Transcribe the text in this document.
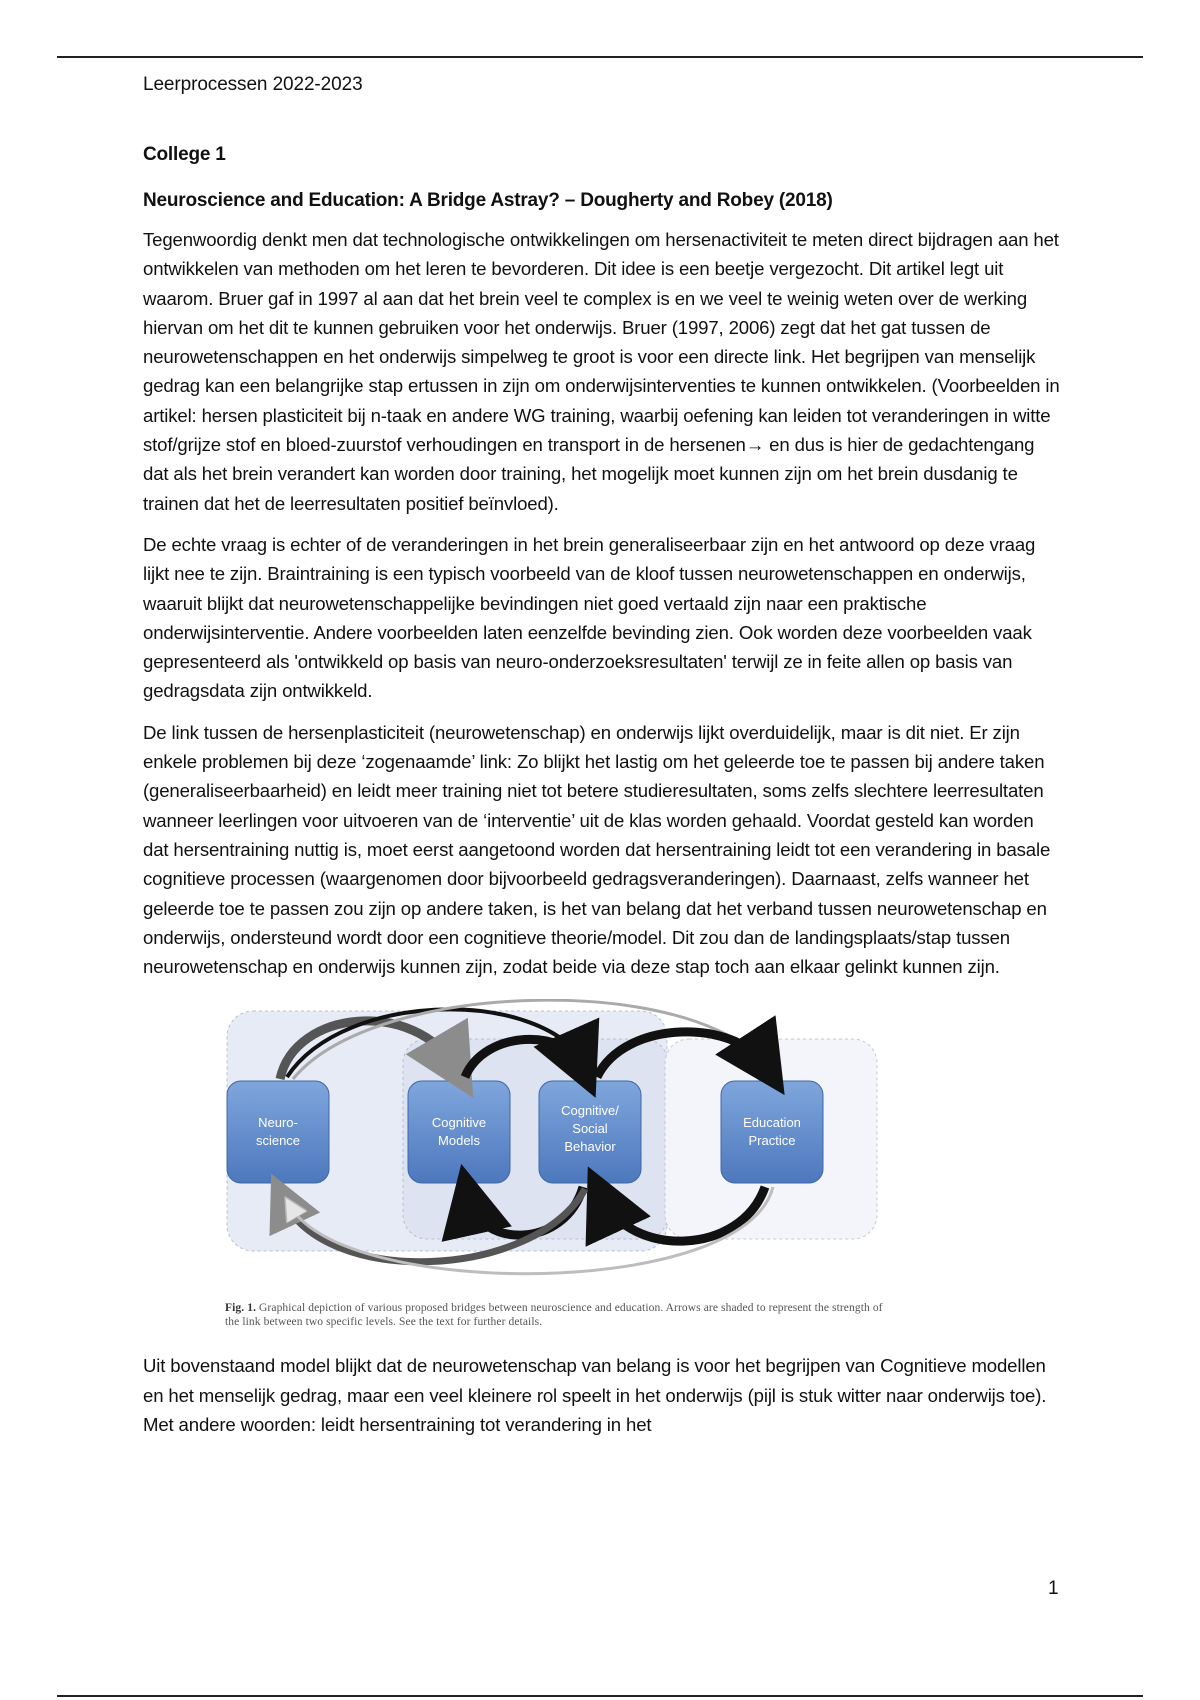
Leerprocessen 2022-2023
College 1
Neuroscience and Education: A Bridge Astray? – Dougherty and Robey (2018)

Tegenwoordig denkt men dat technologische ontwikkelingen om hersenactiviteit te meten direct bijdragen aan het ontwikkelen van methoden om het leren te bevorderen. Dit idee is een beetje vergezocht. Dit artikel legt uit waarom. Bruer gaf in 1997 al aan dat het brein veel te complex is en we veel te weinig weten over de werking hiervan om het dit te kunnen gebruiken voor het onderwijs. Bruer (1997, 2006) zegt dat het gat tussen de neurowetenschappen en het onderwijs simpelweg te groot is voor een directe link. Het begrijpen van menselijk gedrag kan een belangrijke stap ertussen in zijn om onderwijsinterventies te kunnen ontwikkelen. (Voorbeelden in artikel: hersen plasticiteit bij n-taak en andere WG training, waarbij oefening kan leiden tot veranderingen in witte stof/grijze stof en bloed-zuurstof verhoudingen en transport in de hersenen→ en dus is hier de gedachtengang dat als het brein verandert kan worden door training, het mogelijk moet kunnen zijn om het brein dusdanig te trainen dat het de leerresultaten positief beïnvloed).

De echte vraag is echter of de veranderingen in het brein generaliseerbaar zijn en het antwoord op deze vraag lijkt nee te zijn. Braintraining is een typisch voorbeeld van de kloof tussen neurowetenschappen en onderwijs, waaruit blijkt dat neurowetenschappelijke bevindingen niet goed vertaald zijn naar een praktische onderwijsinterventie. Andere voorbeelden laten eenzelfde bevinding zien. Ook worden deze voorbeelden vaak gepresenteerd als 'ontwikkeld op basis van neuro-onderzoeksresultaten' terwijl ze in feite allen op basis van gedragsdata zijn ontwikkeld.

De link tussen de hersenplasticiteit (neurowetenschap) en onderwijs lijkt overduidelijk, maar is dit niet. Er zijn enkele problemen bij deze ‘zogenaamde’ link: Zo blijkt het lastig om het geleerde toe te passen bij andere taken (generaliseerbaarheid) en leidt meer training niet tot betere studieresultaten, soms zelfs slechtere leerresultaten wanneer leerlingen voor uitvoeren van de ‘interventie’ uit de klas worden gehaald. Voordat gesteld kan worden dat hersentraining nuttig is, moet eerst aangetoond worden dat hersentraining leidt tot een verandering in basale cognitieve processen (waargenomen door bijvoorbeeld gedragsveranderingen). Daarnaast, zelfs wanneer het geleerde toe te passen zou zijn op andere taken, is het van belang dat het verband tussen neurowetenschap en onderwijs, ondersteund wordt door een cognitieve theorie/model. Dit zou dan de landingsplaats/stap tussen neurowetenschap en onderwijs kunnen zijn, zodat beide via deze stap toch aan elkaar gelinkt kunnen zijn.

Neuro-
science
Cognitive
Models
Cognitive/
Social
Behavior
Education
Practice
Fig. 1. Graphical depiction of various proposed bridges between neuroscience and education. Arrows are shaded to represent the strength of the link between two specific levels. See the text for further details.

Uit bovenstaand model blijkt dat de neurowetenschap van belang is voor het begrijpen van Cognitieve modellen en het menselijk gedrag, maar een veel kleinere rol speelt in het onderwijs (pijl is stuk witter naar onderwijs toe). Met andere woorden: leidt hersentraining tot verandering in het

1
